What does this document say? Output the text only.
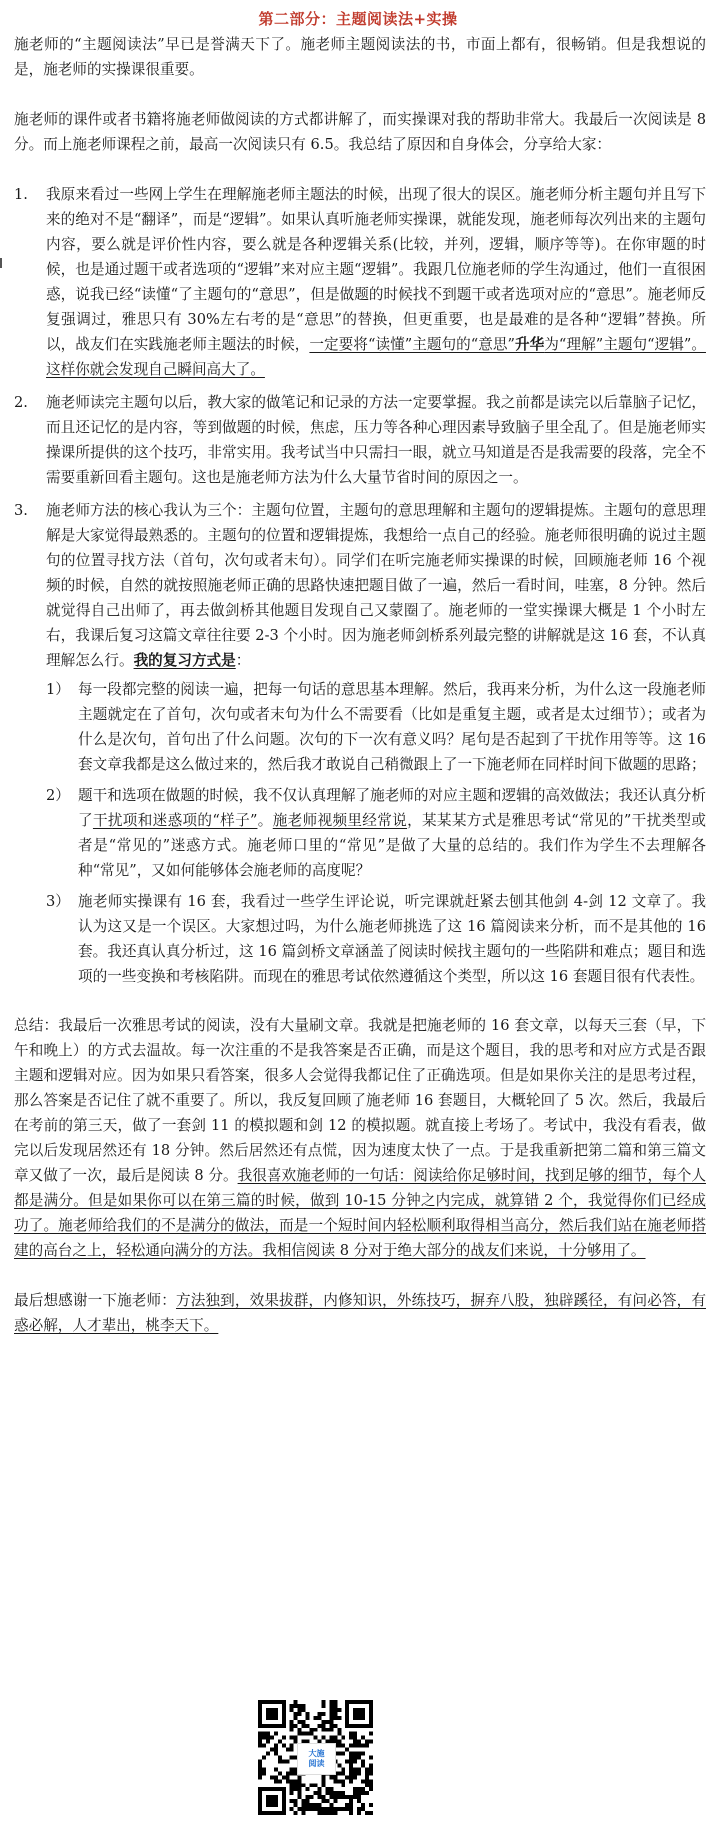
第二部分：主题阅读法+实操

施老师的“主题阅读法”早已是誉满天下了。施老师主题阅读法的书，市面上都有，很畅销。但是我想说的是，施老师的实操课很重要。

施老师的课件或者书籍将施老师做阅读的方式都讲解了，而实操课对我的帮助非常大。我最后一次阅读是 8 分。而上施老师课程之前，最高一次阅读只有 6.5。我总结了原因和自身体会，分享给大家：

1. 我原来看过一些网上学生在理解施老师主题法的时候，出现了很大的误区。施老师分析主题句并且写下来的绝对不是“翻译”，而是“逻辑”。如果认真听施老师实操课，就能发现，施老师每次列出来的主题句内容，要么就是评价性内容，要么就是各种逻辑关系(比较，并列，逻辑，顺序等等)。在你审题的时候，也是通过题干或者选项的“逻辑”来对应主题“逻辑”。我跟几位施老师的学生沟通过，他们一直很困惑，说我已经“读懂“了主题句的“意思”，但是做题的时候找不到题干或者选项对应的“意思”。施老师反复强调过，雅思只有 30%左右考的是“意思”的替换，但更重要，也是最难的是各种“逻辑”替换。所以，战友们在实践施老师主题法的时候，一定要将“读懂”主题句的“意思”升华为“理解”主题句“逻辑”。这样你就会发现自己瞬间高大了。

2. 施老师读完主题句以后，教大家的做笔记和记录的方法一定要掌握。我之前都是读完以后靠脑子记忆，而且还记忆的是内容，等到做题的时候，焦虑，压力等各种心理因素导致脑子里全乱了。但是施老师实操课所提供的这个技巧，非常实用。我考试当中只需扫一眼，就立马知道是否是我需要的段落，完全不需要重新回看主题句。这也是施老师方法为什么大量节省时间的原因之一。

3. 施老师方法的核心我认为三个：主题句位置，主题句的意思理解和主题句的逻辑提炼。主题句的意思理解是大家觉得最熟悉的。主题句的位置和逻辑提炼，我想给一点自己的经验。施老师很明确的说过主题句的位置寻找方法（首句，次句或者末句）。同学们在听完施老师实操课的时候，回顾施老师 16 个视频的时候，自然的就按照施老师正确的思路快速把题目做了一遍，然后一看时间，哇塞，8 分钟。然后就觉得自己出师了，再去做剑桥其他题目发现自己又蒙圈了。施老师的一堂实操课大概是 1 个小时左右，我课后复习这篇文章往往要 2-3 个小时。因为施老师剑桥系列最完整的讲解就是这 16 套，不认真理解怎么行。我的复习方式是：

1） 每一段都完整的阅读一遍，把每一句话的意思基本理解。然后，我再来分析，为什么这一段施老师主题就定在了首句，次句或者末句为什么不需要看（比如是重复主题，或者是太过细节）；或者为什么是次句，首句出了什么问题。次句的下一次有意义吗？尾句是否起到了干扰作用等等。这 16 套文章我都是这么做过来的，然后我才敢说自己稍微跟上了一下施老师在同样时间下做题的思路；

2） 题干和选项在做题的时候，我不仅认真理解了施老师的对应主题和逻辑的高效做法；我还认真分析了干扰项和迷惑项的“样子”。施老师视频里经常说，某某某方式是雅思考试“常见的”干扰类型或者是“常见的”迷惑方式。施老师口里的“常见”是做了大量的总结的。我们作为学生不去理解各种“常见”，又如何能够体会施老师的高度呢？

3） 施老师实操课有 16 套，我看过一些学生评论说，听完课就赶紧去刨其他剑 4-剑 12 文章了。我认为这又是一个误区。大家想过吗，为什么施老师挑选了这 16 篇阅读来分析，而不是其他的 16 套。我还真认真分析过，这 16 篇剑桥文章涵盖了阅读时候找主题句的一些陷阱和难点；题目和选项的一些变换和考核陷阱。而现在的雅思考试依然遵循这个类型，所以这 16 套题目很有代表性。

总结：我最后一次雅思考试的阅读，没有大量刷文章。我就是把施老师的 16 套文章，以每天三套（早，下午和晚上）的方式去温故。每一次注重的不是我答案是否正确，而是这个题目，我的思考和对应方式是否跟主题和逻辑对应。因为如果只看答案，很多人会觉得我都记住了正确选项。但是如果你关注的是思考过程，那么答案是否记住了就不重要了。所以，我反复回顾了施老师 16 套题目，大概轮回了 5 次。然后，我最后在考前的第三天，做了一套剑 11 的模拟题和剑 12 的模拟题。就直接上考场了。考试中，我没有看表，做完以后发现居然还有 18 分钟。然后居然还有点慌，因为速度太快了一点。于是我重新把第二篇和第三篇文章又做了一次，最后是阅读 8 分。我很喜欢施老师的一句话：阅读给你足够时间，找到足够的细节，每个人都是满分。但是如果你可以在第三篇的时候，做到 10-15 分钟之内完成，就算错 2 个，我觉得你们已经成功了。施老师给我们的不是满分的做法，而是一个短时间内轻松顺利取得相当高分，然后我们站在施老师搭建的高台之上，轻松通向满分的方法。我相信阅读 8 分对于绝大部分的战友们来说，十分够用了。

最后想感谢一下施老师：方法独到，效果拔群，内修知识，外练技巧，摒弃八股，独辟蹊径，有问必答，有惑必解，人才辈出，桃李天下。

大施
阅读
